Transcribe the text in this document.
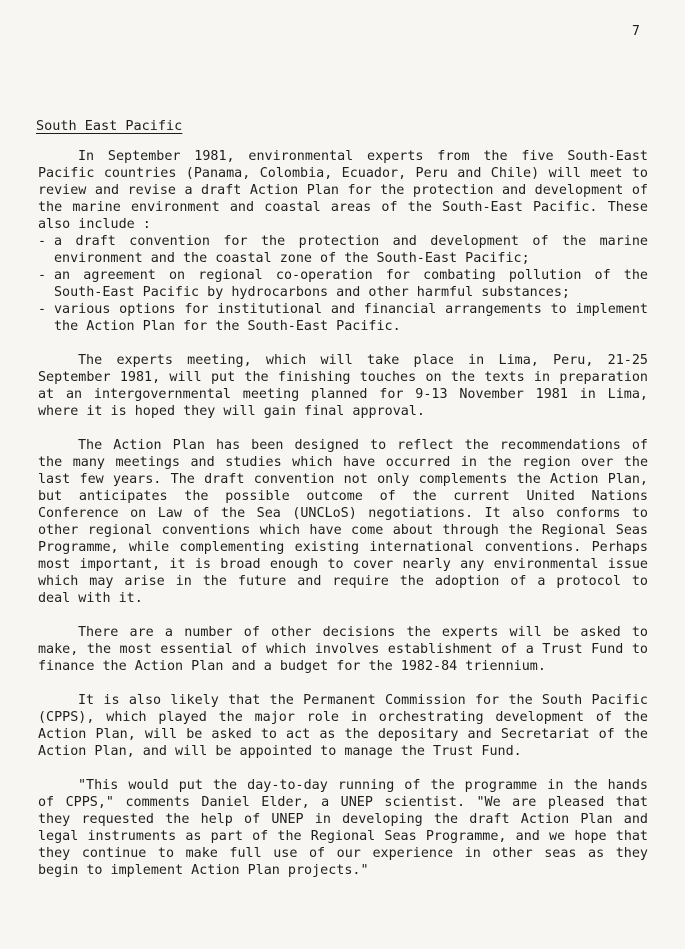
7
South East Pacific

In September 1981, environmental experts from the five South-East Pacific countries (Panama, Colombia, Ecuador, Peru and Chile) will meet to review and revise a draft Action Plan for the protection and development of the marine environment and coastal areas of the South-East Pacific. These also include :

- a draft convention for the protection and development of the marine environment and the coastal zone of the South-East Pacific;
- an agreement on regional co-operation for combating pollution of the South-East Pacific by hydrocarbons and other harmful substances;
- various options for institutional and financial arrangements to implement the Action Plan for the South-East Pacific.

The experts meeting, which will take place in Lima, Peru, 21-25 September 1981, will put the finishing touches on the texts in preparation at an intergovernmental meeting planned for 9-13 November 1981 in Lima, where it is hoped they will gain final approval.

The Action Plan has been designed to reflect the recommendations of the many meetings and studies which have occurred in the region over the last few years. The draft convention not only complements the Action Plan, but anticipates the possible outcome of the current United Nations Conference on Law of the Sea (UNCLoS) negotiations. It also conforms to other regional conventions which have come about through the Regional Seas Programme, while complementing existing international conventions. Perhaps most important, it is broad enough to cover nearly any environmental issue which may arise in the future and require the adoption of a protocol to deal with it.

There are a number of other decisions the experts will be asked to make, the most essential of which involves establishment of a Trust Fund to finance the Action Plan and a budget for the 1982-84 triennium.

It is also likely that the Permanent Commission for the South Pacific (CPPS), which played the major role in orchestrating development of the Action Plan, will be asked to act as the depositary and Secretariat of the Action Plan, and will be appointed to manage the Trust Fund.

"This would put the day-to-day running of the programme in the hands of CPPS," comments Daniel Elder, a UNEP scientist. "We are pleased that they requested the help of UNEP in developing the draft Action Plan and legal instruments as part of the Regional Seas Programme, and we hope that they continue to make full use of our experience in other seas as they begin to implement Action Plan projects."
